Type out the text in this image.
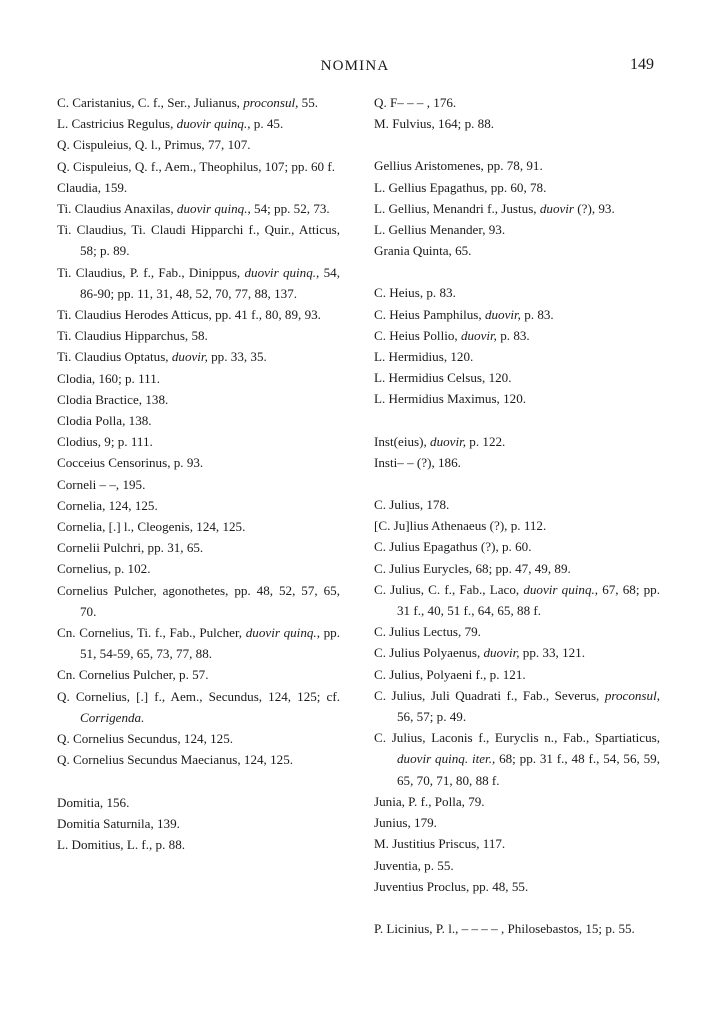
NOMINA	149
C. Caristanius, C. f., Ser., Julianus, proconsul, 55.
L. Castricius Regulus, duovir quinq., p. 45.
Q. Cispuleius, Q. l., Primus, 77, 107.
Q. Cispuleius, Q. f., Aem., Theophilus, 107; pp. 60 f.
Claudia, 159.
Ti. Claudius Anaxilas, duovir quinq., 54; pp. 52, 73.
Ti. Claudius, Ti. Claudi Hipparchi f., Quir., Atticus, 58; p. 89.
Ti. Claudius, P. f., Fab., Dinippus, duovir quinq., 54, 86-90; pp. 11, 31, 48, 52, 70, 77, 88, 137.
Ti. Claudius Herodes Atticus, pp. 41 f., 80, 89, 93.
Ti. Claudius Hipparchus, 58.
Ti. Claudius Optatus, duovir, pp. 33, 35.
Clodia, 160; p. 111.
Clodia Bractice, 138.
Clodia Polla, 138.
Clodius, 9; p. 111.
Cocceius Censorinus, p. 93.
Corneli – –, 195.
Cornelia, 124, 125.
Cornelia, [.] l., Cleogenis, 124, 125.
Cornelii Pulchri, pp. 31, 65.
Cornelius, p. 102.
Cornelius Pulcher, agonothetes, pp. 48, 52, 57, 65, 70.
Cn. Cornelius, Ti. f., Fab., Pulcher, duovir quinq., pp. 51, 54-59, 65, 73, 77, 88.
Cn. Cornelius Pulcher, p. 57.
Q. Cornelius, [.] f., Aem., Secundus, 124, 125; cf. Corrigenda.
Q. Cornelius Secundus, 124, 125.
Q. Cornelius Secundus Maecianus, 124, 125.
Domitia, 156.
Domitia Saturnila, 139.
L. Domitius, L. f., p. 88.
Q. F– – – , 176.
M. Fulvius, 164; p. 88.
Gellius Aristomenes, pp. 78, 91.
L. Gellius Epagathus, pp. 60, 78.
L. Gellius, Menandri f., Justus, duovir (?), 93.
L. Gellius Menander, 93.
Grania Quinta, 65.
C. Heius, p. 83.
C. Heius Pamphilus, duovir, p. 83.
C. Heius Pollio, duovir, p. 83.
L. Hermidius, 120.
L. Hermidius Celsus, 120.
L. Hermidius Maximus, 120.
Inst(eius), duovir, p. 122.
Insti– – (?), 186.
C. Julius, 178.
[C. Ju]lius Athenaeus (?), p. 112.
C. Julius Epagathus (?), p. 60.
C. Julius Eurycles, 68; pp. 47, 49, 89.
C. Julius, C. f., Fab., Laco, duovir quinq., 67, 68; pp. 31 f., 40, 51 f., 64, 65, 88 f.
C. Julius Lectus, 79.
C. Julius Polyaenus, duovir, pp. 33, 121.
C. Julius, Polyaeni f., p. 121.
C. Julius, Juli Quadrati f., Fab., Severus, proconsul, 56, 57; p. 49.
C. Julius, Laconis f., Euryclis n., Fab., Spartiaticus, duovir quinq. iter., 68; pp. 31 f., 48 f., 54, 56, 59, 65, 70, 71, 80, 88 f.
Junia, P. f., Polla, 79.
Junius, 179.
M. Justitius Priscus, 117.
Juventia, p. 55.
Juventius Proclus, pp. 48, 55.
P. Licinius, P. l., – – – – , Philosebastos, 15; p. 55.
